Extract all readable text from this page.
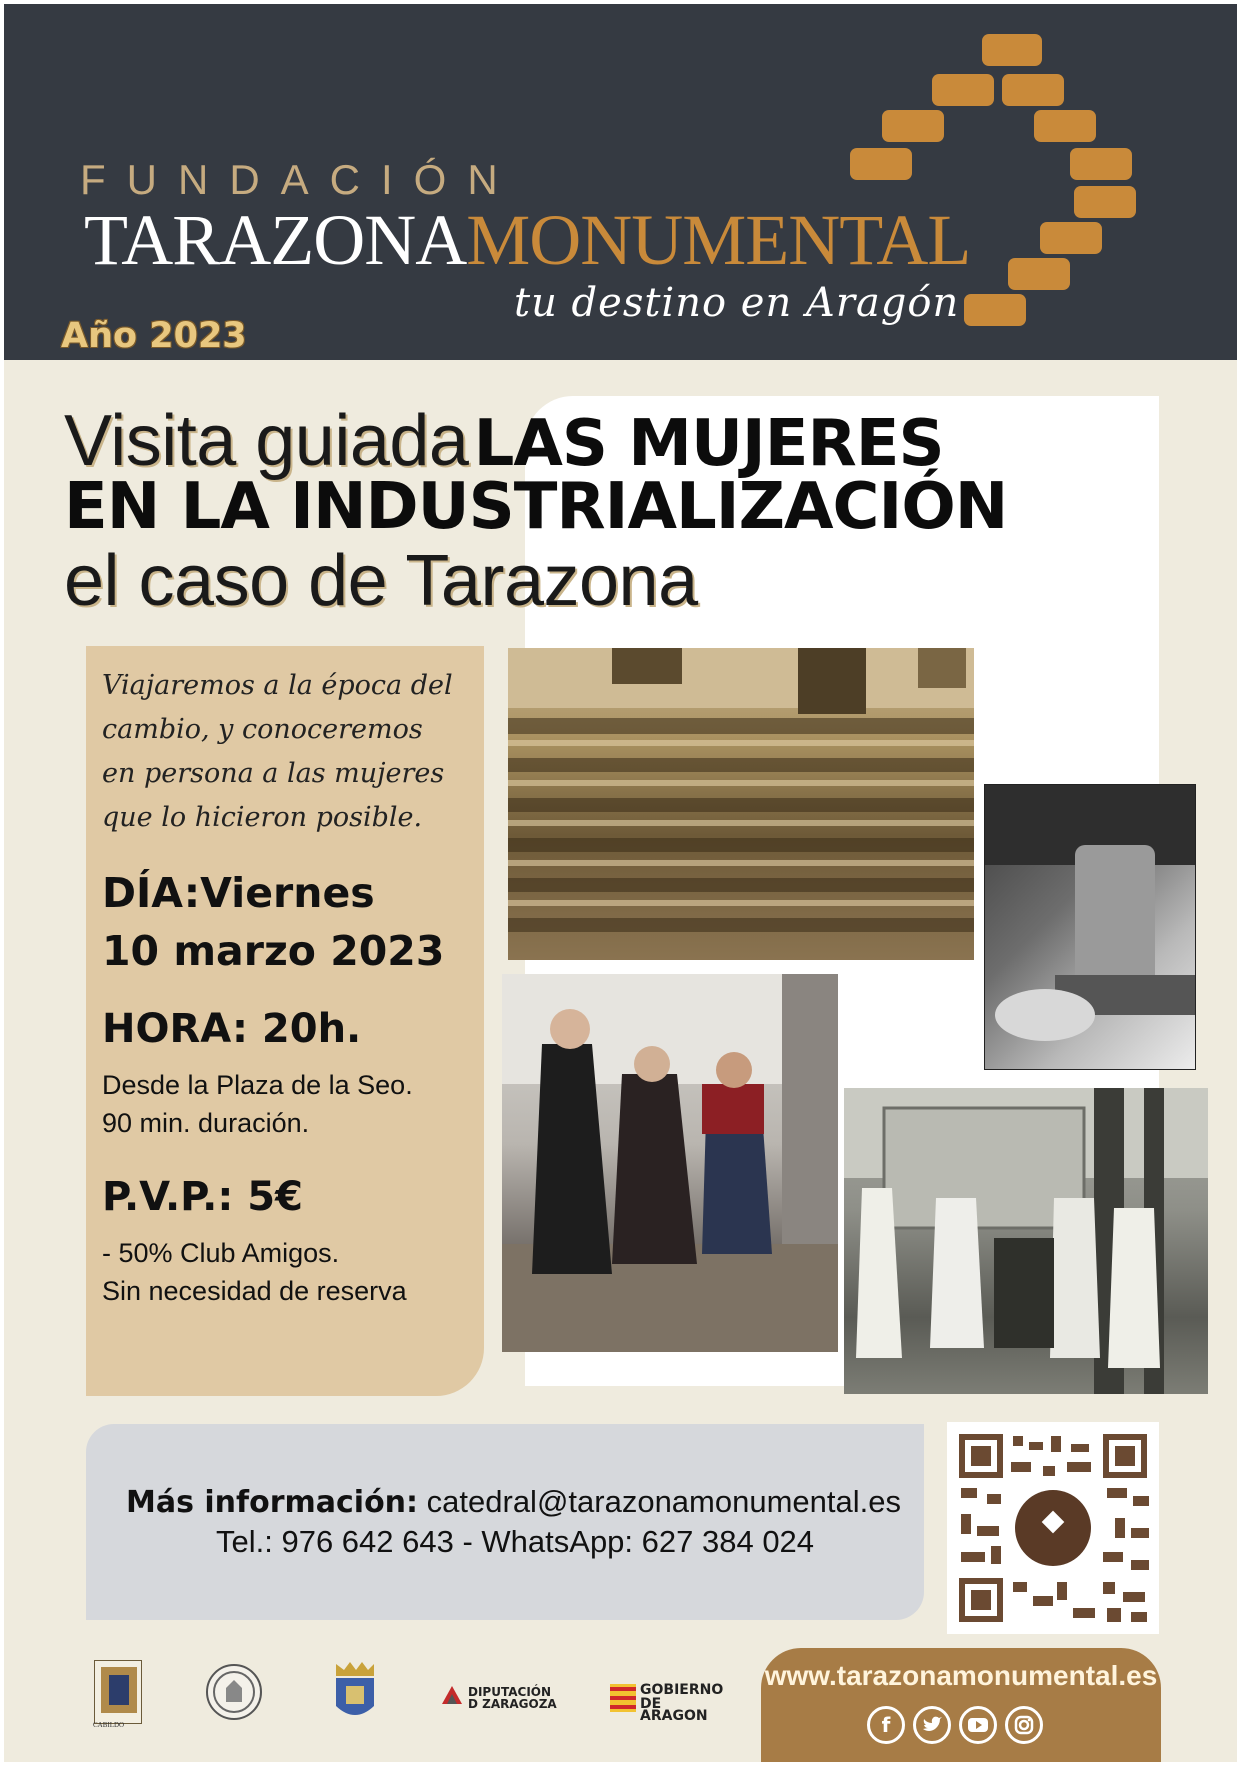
FUNDACIÓN
TARAZONAMONUMENTAL
tu destino en Aragón
Año 2023
Visita guiada LAS MUJERES
EN LA INDUSTRIALIZACIÓN
el caso de Tarazona
Viajaremos a la época del
cambio, y conoceremos
en persona a las mujeres
que lo hicieron posible.
DÍA:Viernes
10 marzo 2023
HORA: 20h.
Desde la Plaza de la Seo.
90 min. duración.
P.V.P.: 5€
- 50% Club Amigos.
Sin necesidad de reserva
Más información: catedral@tarazonamonumental.es
Tel.: 976 642 643 - WhatsApp: 627 384 024
CABILDO
DIPUTACIÓN
D ZARAGOZA
GOBIERNO
DE ARAGON
www.tarazonamonumental.es
f
